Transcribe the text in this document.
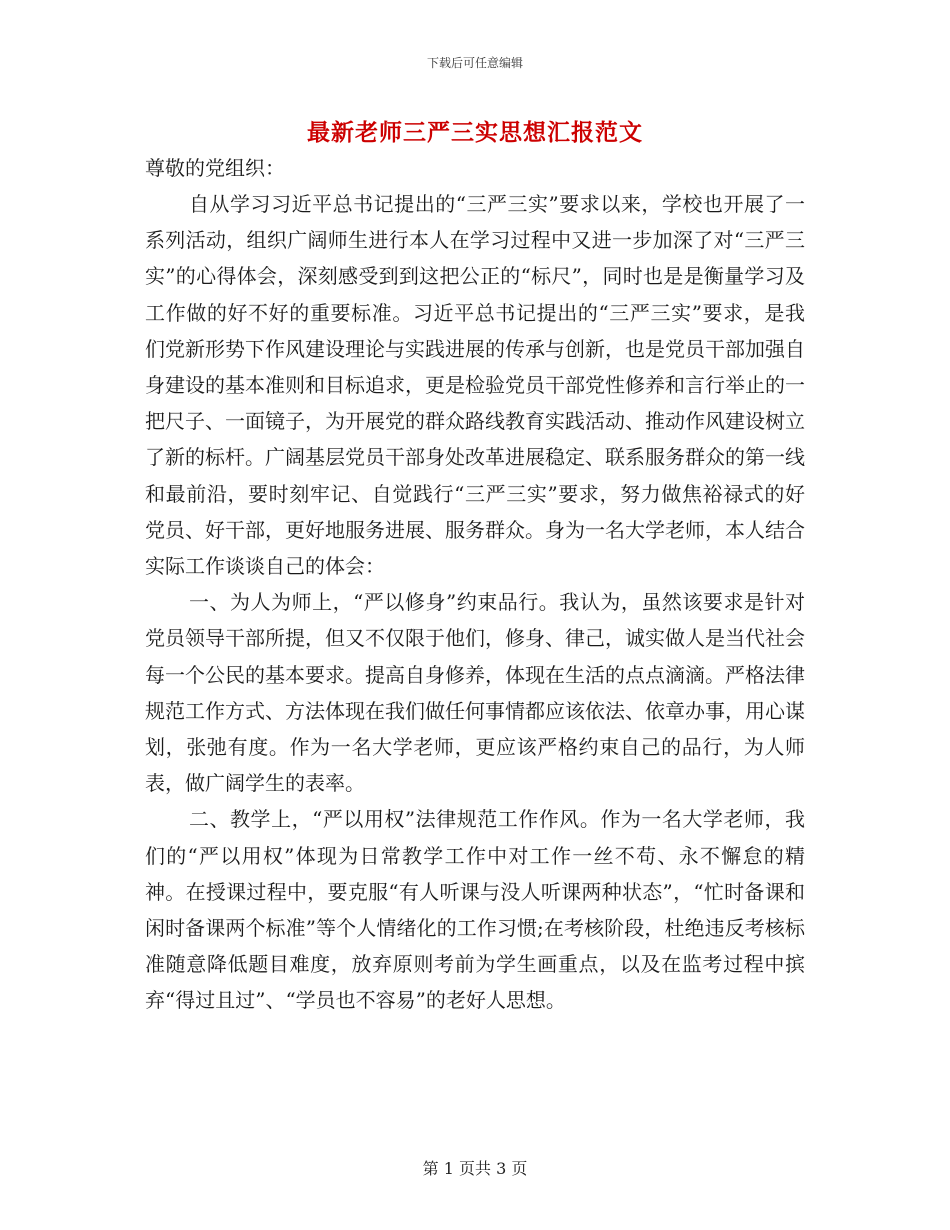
下载后可任意编辑
最新老师三严三实思想汇报范文

尊敬的党组织：

自从学习习近平总书记提出的“三严三实”要求以来，学校也开展了一系列活动，组织广阔师生进行本人在学习过程中又进一步加深了对“三严三实”的心得体会，深刻感受到到这把公正的“标尺”，同时也是是衡量学习及工作做的好不好的重要标准。习近平总书记提出的“三严三实”要求，是我们党新形势下作风建设理论与实践进展的传承与创新，也是党员干部加强自身建设的基本准则和目标追求，更是检验党员干部党性修养和言行举止的一把尺子、一面镜子，为开展党的群众路线教育实践活动、推动作风建设树立了新的标杆。广阔基层党员干部身处改革进展稳定、联系服务群众的第一线和最前沿，要时刻牢记、自觉践行“三严三实”要求，努力做焦裕禄式的好党员、好干部，更好地服务进展、服务群众。身为一名大学老师，本人结合实际工作谈谈自己的体会：

一、为人为师上，“严以修身”约束品行。我认为，虽然该要求是针对党员领导干部所提，但又不仅限于他们，修身、律己，诚实做人是当代社会每一个公民的基本要求。提高自身修养，体现在生活的点点滴滴。严格法律规范工作方式、方法体现在我们做任何事情都应该依法、依章办事，用心谋划，张弛有度。作为一名大学老师，更应该严格约束自己的品行，为人师表，做广阔学生的表率。

二、教学上，“严以用权”法律规范工作作风。作为一名大学老师，我们的“严以用权”体现为日常教学工作中对工作一丝不苟、永不懈怠的精神。在授课过程中，要克服“有人听课与没人听课两种状态”，“忙时备课和闲时备课两个标准”等个人情绪化的工作习惯;在考核阶段，杜绝违反考核标准随意降低题目难度，放弃原则考前为学生画重点，以及在监考过程中摈弃“得过且过”、“学员也不容易”的老好人思想。

第 1 页共 3 页
